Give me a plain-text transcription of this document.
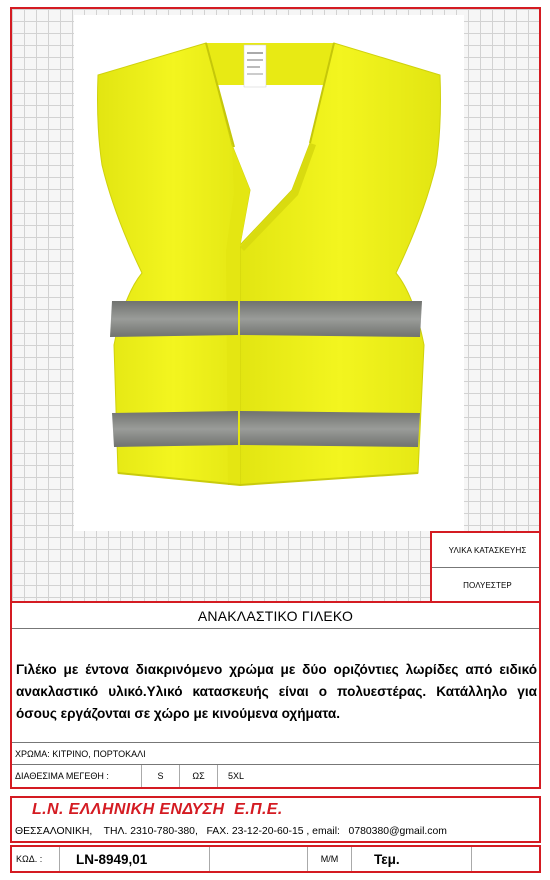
ΥΛΙΚΑ ΚΑΤΑΣΚΕΥΗΣ
ΠΟΛΥΕΣΤΕΡ
ΑΝΑΚΛΑΣΤΙΚΟ ΓΙΛΕΚΟ
Γιλέκο με έντονα διακρινόμενο χρώμα με δύο οριζόντιες λωρίδες από ειδικό ανακλαστικό υλικό.Υλικό κατασκευής είναι ο πολυεστέρας. Κατάλληλο για όσους εργάζονται σε χώρο με κινούμενα οχήματα.
ΧΡΩΜΑ: ΚΙΤΡΙΝΟ, ΠΟΡΤΟΚΑΛΙ
ΔΙΑΘΕΣΙΜΑ ΜΕΓΕΘΗ :	S	ΩΣ	5XL
L.N. ΕΛΛΗΝΙΚΗ ΕΝΔΥΣΗ  Ε.Π.Ε.
ΘΕΣΣΑΛΟΝΙΚΗ,    ΤΗΛ. 2310-780-380,   FAX. 23-12-20-60-15 , email:   0780380@gmail.com
ΚΩΔ. :	LN-8949,01	Μ/Μ	Τεμ.
